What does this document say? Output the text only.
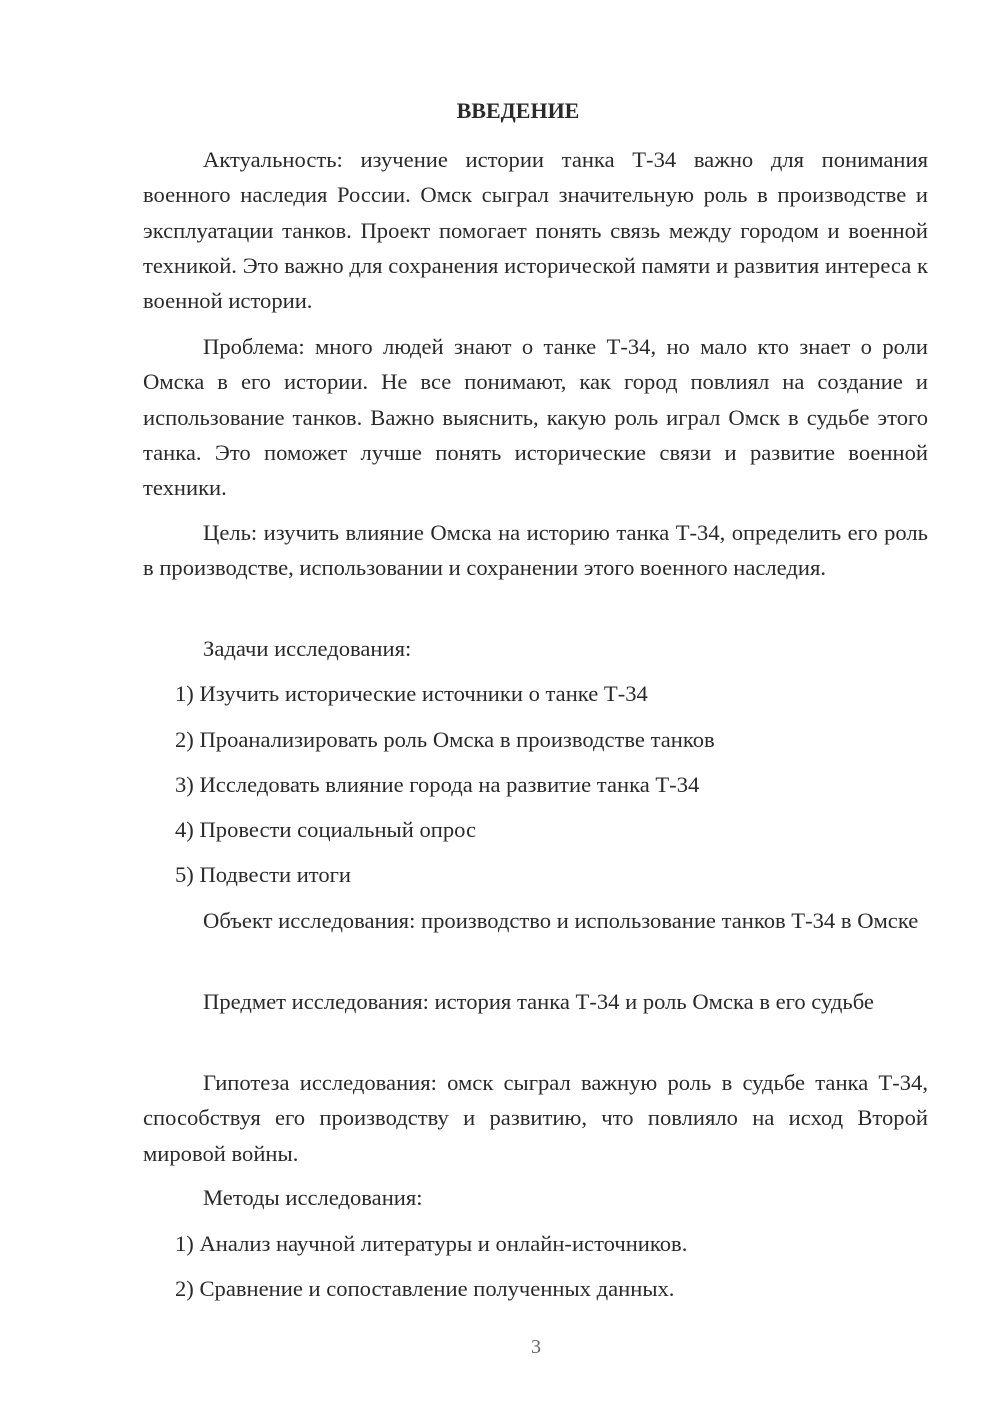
ВВЕДЕНИЕ

Актуальность: изучение истории танка Т-34 важно для понимания военного наследия России. Омск сыграл значительную роль в производстве и эксплуатации танков. Проект помогает понять связь между городом и военной техникой. Это важно для сохранения исторической памяти и развития интереса к военной истории.

Проблема: много людей знают о танке Т-34, но мало кто знает о роли Омска в его истории. Не все понимают, как город повлиял на создание и использование танков. Важно выяснить, какую роль играл Омск в судьбе этого танка. Это поможет лучше понять исторические связи и развитие военной техники.

Цель: изучить влияние Омска на историю танка Т-34, определить его роль в производстве, использовании и сохранении этого военного наследия.

Задачи исследования:

1) Изучить исторические источники о танке Т-34

2) Проанализировать роль Омска в производстве танков

3) Исследовать влияние города на развитие танка Т-34

4) Провести социальный опрос

5) Подвести итоги

Объект исследования: производство и использование танков Т-34 в Омске

Предмет исследования: история танка Т-34 и роль Омска в его судьбе

Гипотеза исследования: омск сыграл важную роль в судьбе танка Т-34, способствуя его производству и развитию, что повлияло на исход Второй мировой войны.

Методы исследования:

1) Анализ научной литературы и онлайн-источников.

2) Сравнение и сопоставление полученных данных.

3
